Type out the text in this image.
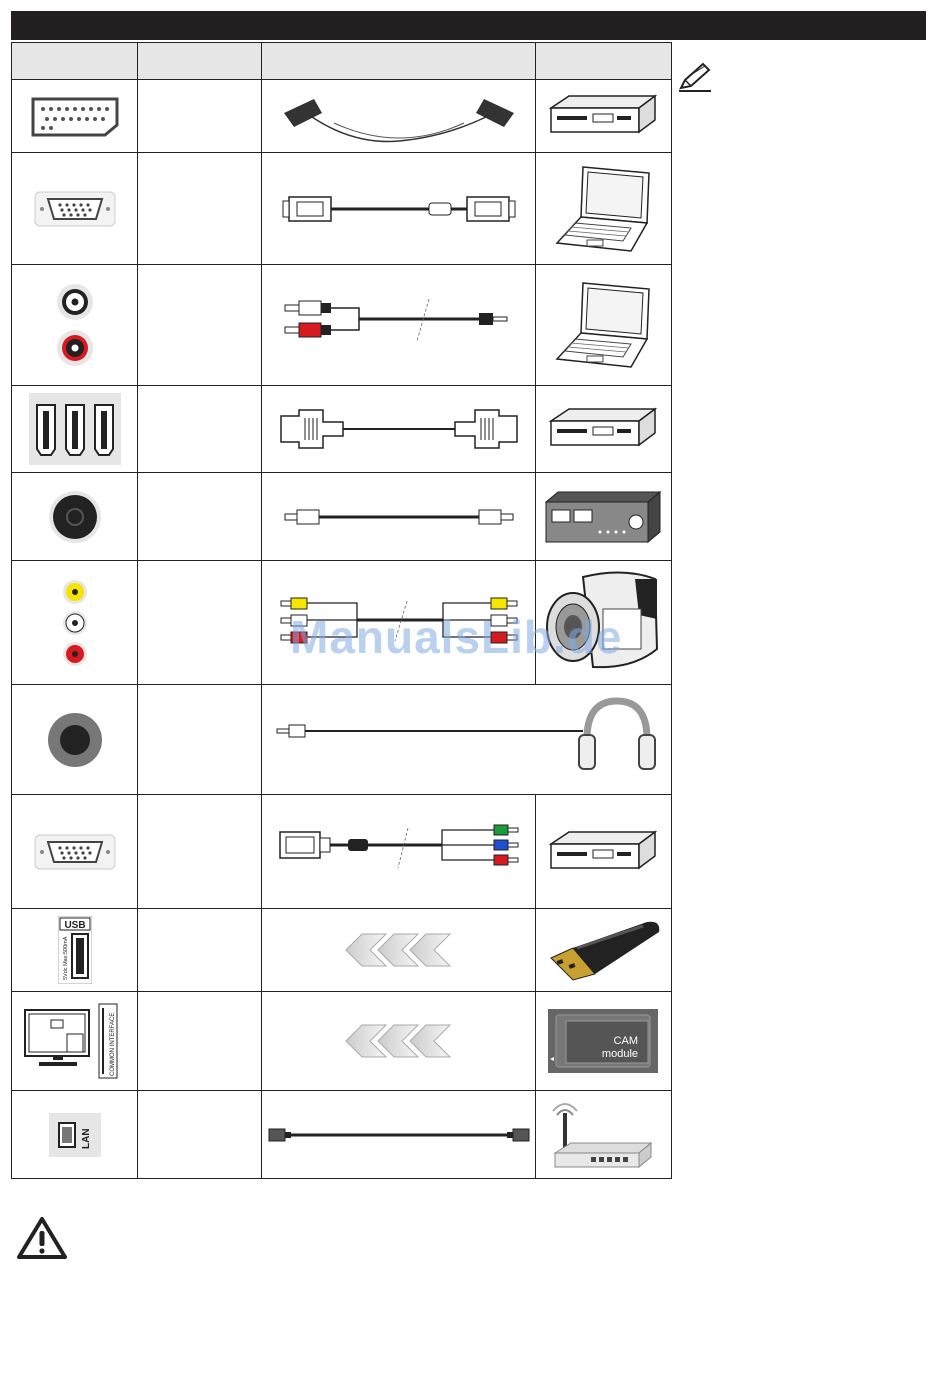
USB
5Vdc Max:500mA

COMMON INTERFACE			CAM
module

LAN

ManualsLib.de
